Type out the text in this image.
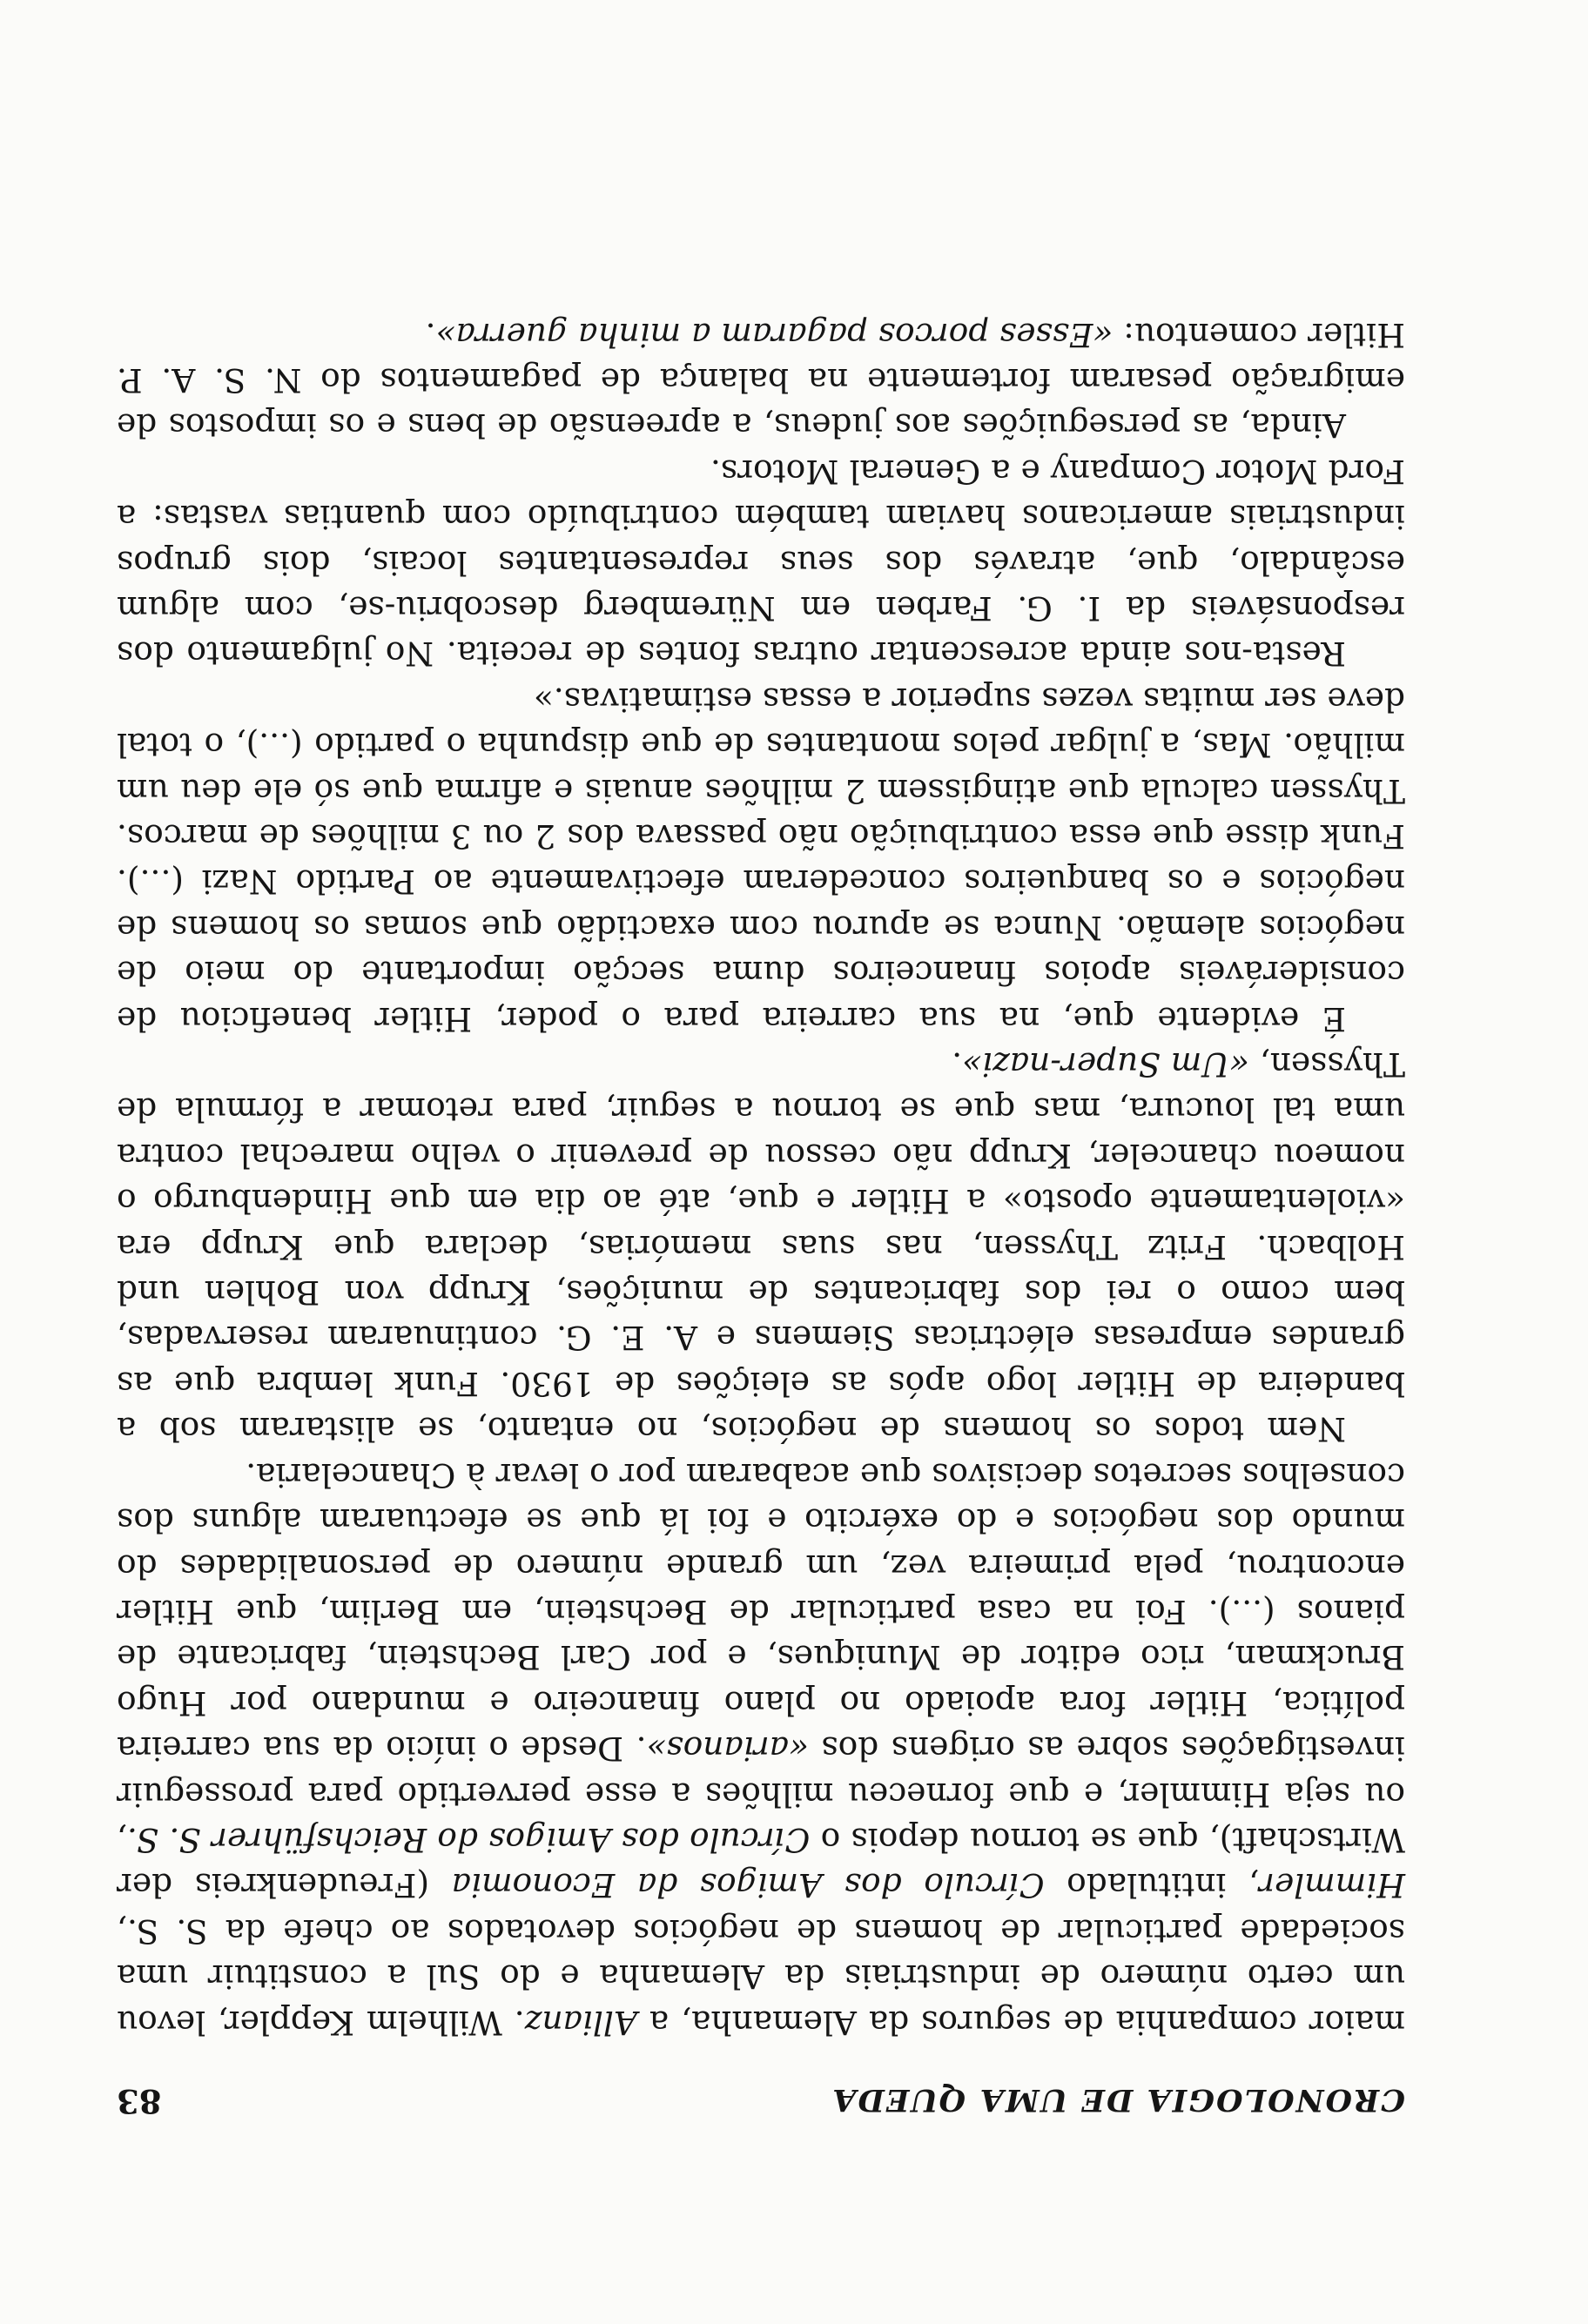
CRONOLOGIA DE UMA QUEDA
83

maior companhia de seguros da Alemanha, a Allianz. Wilhelm Keppler, levou um certo número de industriais da Alemanha e do Sul a constituir uma sociedade particular de homens de negócios devotados ao chefe da S. S., Himmler, intitulado Círculo dos Amigos da Economia (Freudenkreis der Wirtschaft), que se tornou depois o Círculo dos Amigos do Reichsführer S. S., ou seja Himmler, e que forneceu milhões a esse pervertido para prosseguir investigações sobre as origens dos «arianos». Desde o início da sua carreira política, Hitler fora apoiado no plano financeiro e mundano por Hugo Bruckman, rico editor de Muniques, e por Carl Bechstein, fabricante de pianos (...). Foi na casa particular de Bechstein, em Berlim, que Hitler encontrou, pela primeira vez, um grande número de personalidades do mundo dos negócios e do exército e foi lá que se efectuaram alguns dos conselhos secretos decisivos que acabaram por o levar à Chancelaria.

Nem todos os homens de negócios, no entanto, se alistaram sob a bandeira de Hitler logo após as eleições de 1930. Funk lembra que as grandes empresas eléctricas Siemens e A. E. G. continuaram reservadas, bem como o rei dos fabricantes de munições, Krupp von Bohlen und Holbach. Fritz Thyssen, nas suas memórias, declara que Krupp era «violentamente oposto» a Hitler e que, até ao dia em que Hindenburgo o nomeou chanceler, Krupp não cessou de prevenir o velho marechal contra uma tal loucura, mas que se tornou a seguir, para retomar a fórmula de Thyssen, «Um Super-nazi».

É evidente que, na sua carreira para o poder, Hitler beneficiou de consideráveis apoios financeiros duma secção importante do meio de negócios alemão. Nunca se apurou com exactidão que somas os homens de negócios e os banqueiros concederam efectivamente ao Partido Nazi (...). Funk disse que essa contribuição não passava dos 2 ou 3 milhões de marcos. Thyssen calcula que atingissem 2 milhões anuais e afirma que só ele deu um milhão. Mas, a julgar pelos montantes de que dispunha o partido (...), o total deve ser muitas vezes superior a essas estimativas.»

Resta-nos ainda acrescentar outras fontes de receita. No julgamento dos responsáveis da I. G. Farben em Nüremberg descobriu-se, com algum escândalo, que, através dos seus representantes locais, dois grupos industriais americanos haviam também contribuído com quantias vastas: a Ford Motor Company e a General Motors.

Ainda, as perseguições aos judeus, a apreensão de bens e os impostos de emigração pesaram fortemente na balança de pagamentos do N. S. A. P. Hitler comentou: «Esses porcos pagaram a minha guerra».
